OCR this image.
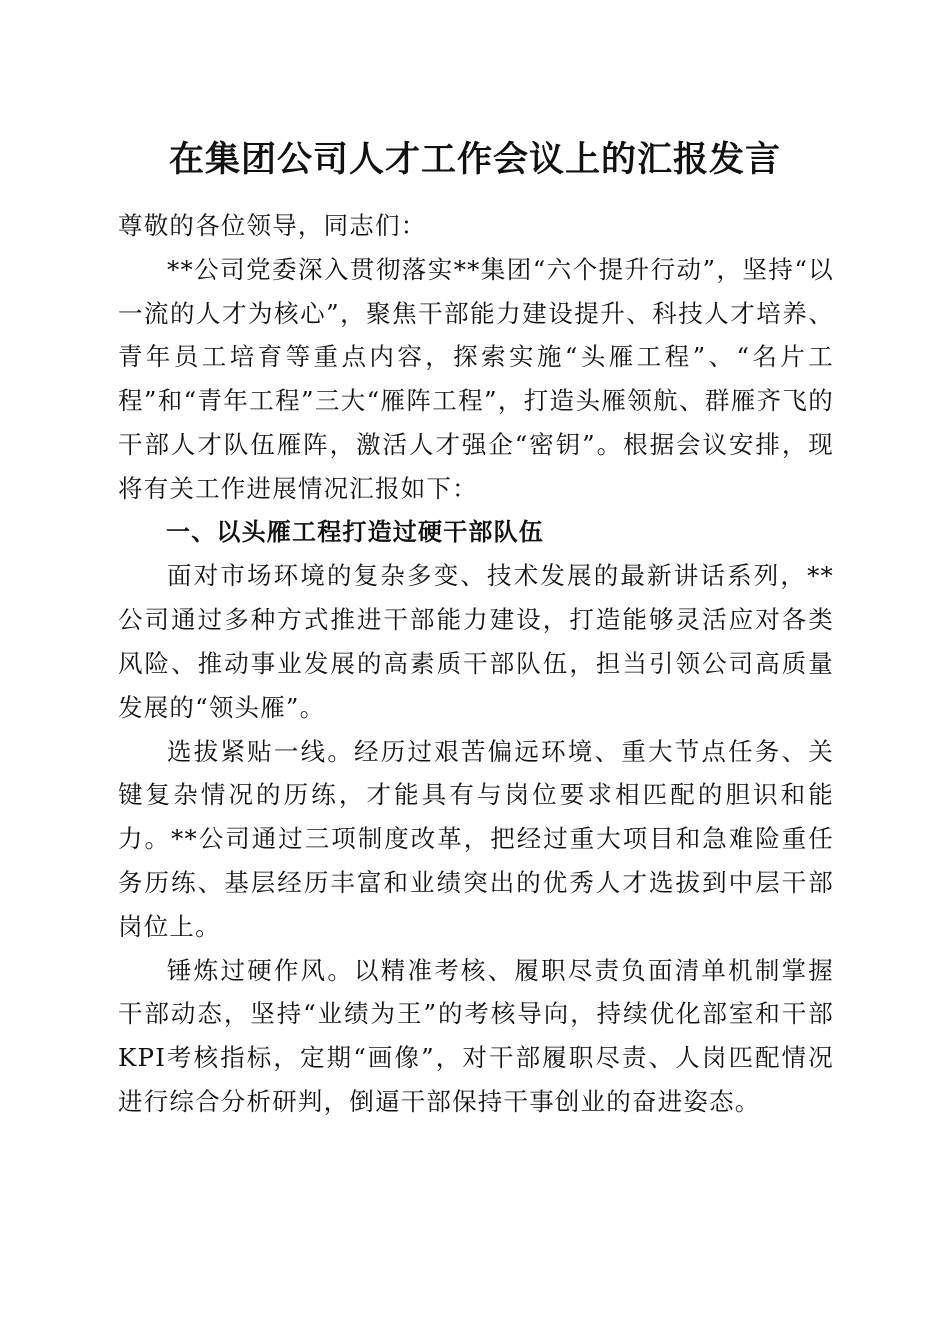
在集团公司人才工作会议上的汇报发言

尊敬的各位领导，同志们：

**公司党委深入贯彻落实**集团“六个提升行动”，坚持“以一流的人才为核心”，聚焦干部能力建设提升、科技人才培养、青年员工培育等重点内容，探索实施“头雁工程”、“名片工程”和“青年工程”三大“雁阵工程”，打造头雁领航、群雁齐飞的干部人才队伍雁阵，激活人才强企“密钥”。根据会议安排，现将有关工作进展情况汇报如下：

一、以头雁工程打造过硬干部队伍

面对市场环境的复杂多变、技术发展的最新讲话系列，**公司通过多种方式推进干部能力建设，打造能够灵活应对各类风险、推动事业发展的高素质干部队伍，担当引领公司高质量发展的“领头雁”。

选拔紧贴一线。经历过艰苦偏远环境、重大节点任务、关键复杂情况的历练，才能具有与岗位要求相匹配的胆识和能力。**公司通过三项制度改革，把经过重大项目和急难险重任务历练、基层经历丰富和业绩突出的优秀人才选拔到中层干部岗位上。

锤炼过硬作风。以精准考核、履职尽责负面清单机制掌握干部动态，坚持“业绩为王”的考核导向，持续优化部室和干部KPI考核指标，定期“画像”，对干部履职尽责、人岗匹配情况进行综合分析研判，倒逼干部保持干事创业的奋进姿态。
